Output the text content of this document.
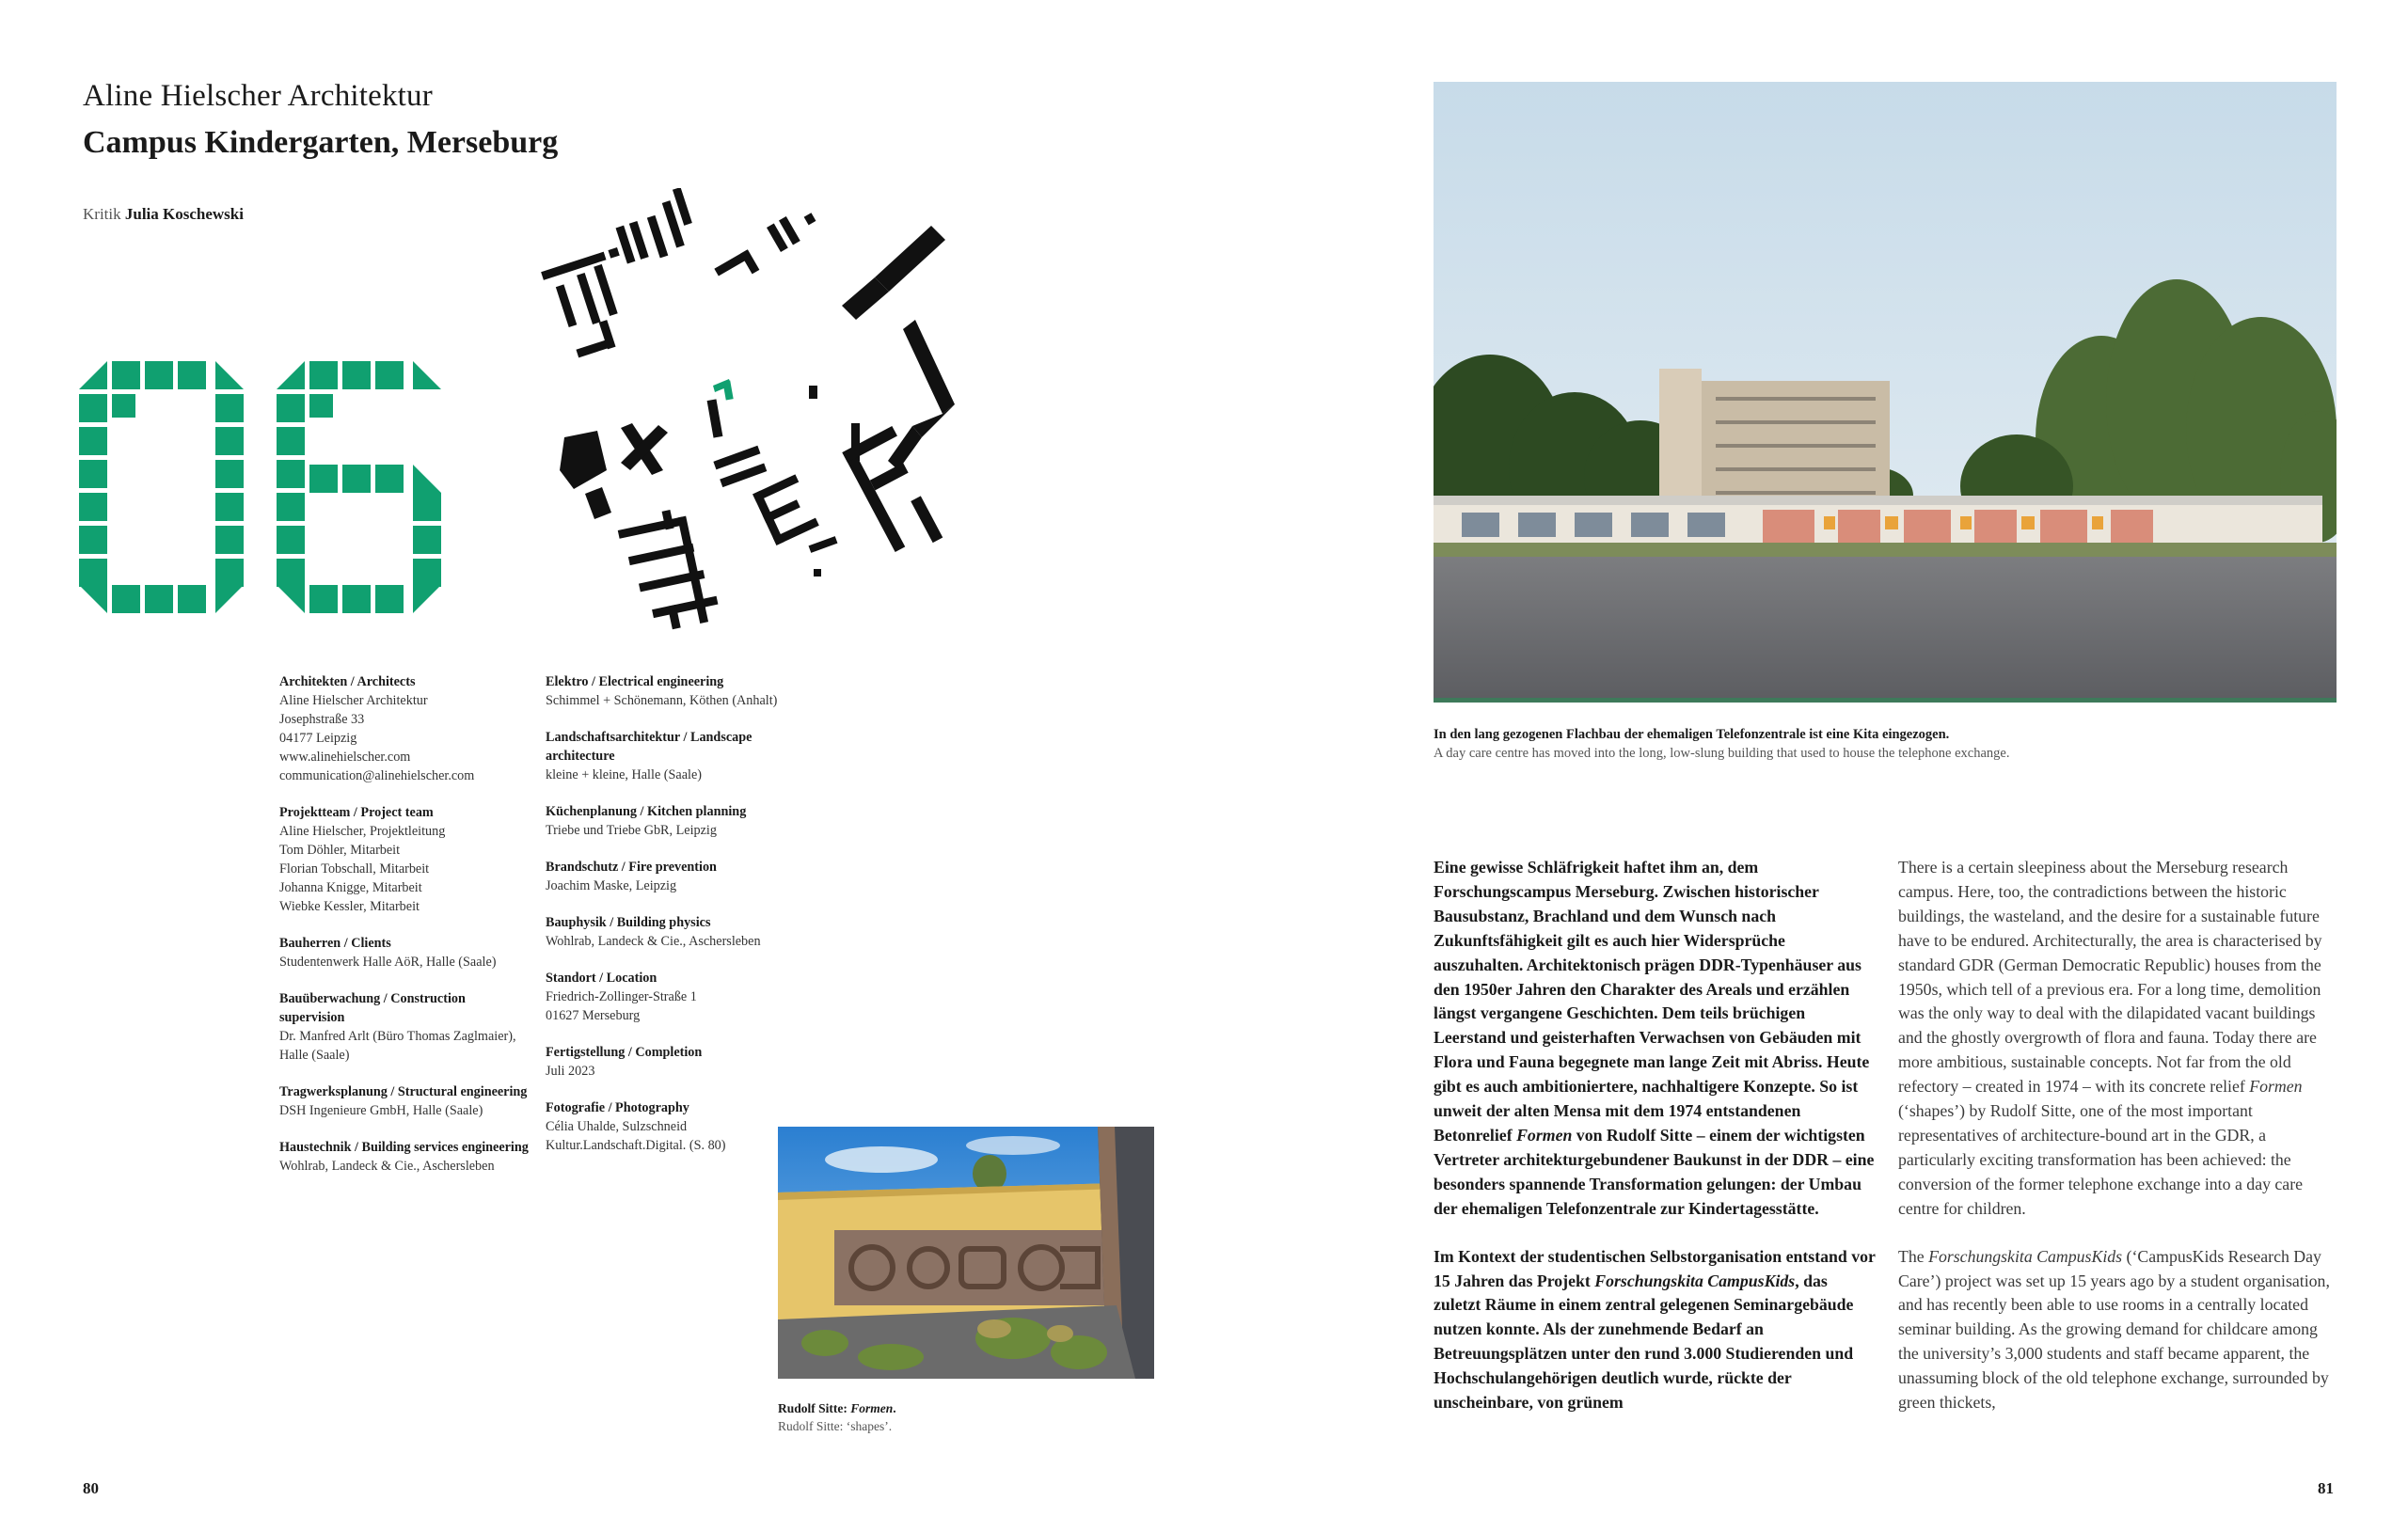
Aline Hielscher Architektur
Campus Kindergarten, Merseburg
Kritik Julia Koschewski
Architekten / Architects
Aline Hielscher Architektur
Josephstraße 33
04177 Leipzig
www.alinehielscher.com
communication@alinehielscher.com
Projektteam / Project team
Aline Hielscher, Projektleitung
Tom Döhler, Mitarbeit
Florian Tobschall, Mitarbeit
Johanna Knigge, Mitarbeit
Wiebke Kessler, Mitarbeit
Bauherren / Clients
Studentenwerk Halle AöR, Halle (Saale)
Bauüberwachung / Construction supervision
Dr. Manfred Arlt (Büro Thomas Zaglmaier), Halle (Saale)
Tragwerksplanung / Structural engineering
DSH Ingenieure GmbH, Halle (Saale)
Haustechnik / Building services engineering
Wohlrab, Landeck & Cie., Aschersleben
Elektro / Electrical engineering
Schimmel + Schönemann, Köthen (Anhalt)
Landschaftsarchitektur / Landscape architecture
kleine + kleine, Halle (Saale)
Küchenplanung / Kitchen planning
Triebe und Triebe GbR, Leipzig
Brandschutz / Fire prevention
Joachim Maske, Leipzig
Bauphysik / Building physics
Wohlrab, Landeck & Cie., Aschersleben
Standort / Location
Friedrich-Zollinger-Straße 1
01627 Merseburg
Fertigstellung / Completion
Juli 2023
Fotografie / Photography
Célia Uhalde, Sulzschneid
Kultur.Landschaft.Digital. (S. 80)
Rudolf Sitte: Formen.
Rudolf Sitte: ‘shapes’.
80
In den lang gezogenen Flachbau der ehemaligen Telefonzentrale ist eine Kita eingezogen.
A day care centre has moved into the long, low-slung building that used to house the telephone exchange.

Eine gewisse Schläfrigkeit haftet ihm an, dem Forschungscampus Merseburg. Zwischen historischer Bausubstanz, Brachland und dem Wunsch nach Zukunftsfähigkeit gilt es auch hier Widersprüche auszuhalten. Architektonisch prägen DDR-Typenhäuser aus den 1950er Jahren den Charakter des Areals und erzählen längst vergangene Geschichten. Dem teils brüchigen Leerstand und geisterhaften Verwachsen von Gebäuden mit Flora und Fauna begegnete man lange Zeit mit Abriss. Heute gibt es auch ambitioniertere, nachhaltigere Konzepte. So ist unweit der alten Mensa mit dem 1974 entstandenen Betonrelief Formen von Rudolf Sitte – einem der wichtigsten Vertreter architekturgebundener Baukunst in der DDR – eine besonders spannende Transformation gelungen: der Umbau der ehemaligen Telefonzentrale zur Kindertagesstätte.

Im Kontext der studentischen Selbstorganisation entstand vor 15 Jahren das Projekt Forschungskita CampusKids, das zuletzt Räume in einem zentral gelegenen Seminargebäude nutzen konnte. Als der zunehmende Bedarf an Betreuungsplätzen unter den rund 3.000 Studierenden und Hochschulangehörigen deutlich wurde, rückte der unscheinbare, von grünem

There is a certain sleepiness about the Merseburg research campus. Here, too, the contradictions between the historic buildings, the wasteland, and the desire for a sustainable future have to be endured. Architecturally, the area is characterised by standard GDR (German Democratic Republic) houses from the 1950s, which tell of a previous era. For a long time, demolition was the only way to deal with the dilapidated vacant buildings and the ghostly overgrowth of flora and fauna. Today there are more ambitious, sustainable concepts. Not far from the old refectory – created in 1974 – with its concrete relief Formen (‘shapes’) by Rudolf Sitte, one of the most important representatives of architecture-bound art in the GDR, a particularly exciting transformation has been achieved: the conversion of the former telephone exchange into a day care centre for children.

The Forschungskita CampusKids (‘CampusKids Research Day Care’) project was set up 15 years ago by a student organisation, and has recently been able to use rooms in a centrally located seminar building. As the growing demand for childcare among the university’s 3,000 students and staff became apparent, the unassuming block of the old telephone exchange, surrounded by green thickets,

81
